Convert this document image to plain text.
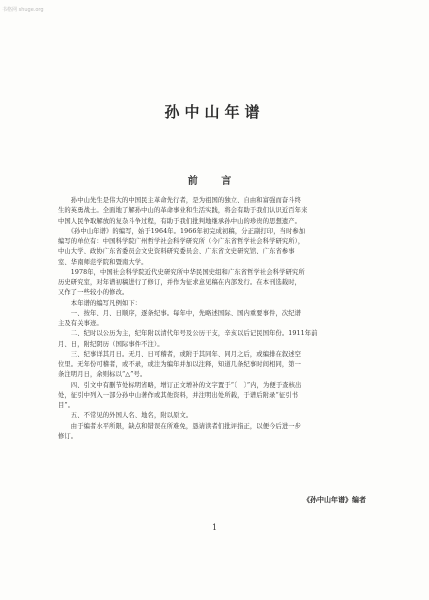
书格网 shuge.org
孙中山年谱
前 言
　　孙中山先生是伟大的中国民主革命先行者，是为祖国的独立、自由和富强而奋斗终
生的英勇战士。全面地了解孙中山的革命事业和生活实践，将会有助于我们认识近百年来
中国人民争取解放的复杂斗争过程，有助于我们批判地继承孙中山的珍贵的思想遗产。
　　《孙中山年谱》的编写，始于1964年。1966年初完成初稿，分正副打印，当时参加
编写的单位有：中国科学院广州哲学社会科学研究所（今广东省哲学社会科学研究所），
中山大学、政协广东省委员会文史资料研究委员会、广东省文史研究馆、广东省参事
室、华南师范学院和暨南大学。
　　1978年，中国社会科学院近代史研究所中华民国史组和广东省哲学社会科学研究所
历史研究室，对年谱初稿进行了修订，并作为征求意见稿在内部发行。在本刊选载时，
又作了一些较小的修改。
　　本年谱的编写凡例如下：
　　一、按年、月、日顺序，逐条纪事。每年中，先略述国际、国内重要事件，次纪谱
主及有关事迹。
　　二、纪时以公历为主，纪年附以清代年号及公历干支，辛亥以后记民国年份。1911年前
月、日，附纪阴历（国际事件不注）。
　　三、纪事详其月日。无月、日可稽者，或附于其同年、同月之后，或编排在叙述空
位里。无年份可稽者，或不录，或注为编年并加以注释，知道几条纪事时间相同，第一
条注明月日，余则标以“△”号。
　　四、引文中有删节处标明省略，增订正文增补的文字置于“〔　〕”内，为便于查核出
处，征引中列入一部分孙中山著作或其他资料，并注明出处所载，于谱后附录“征引书
目”。
　　五、不常见的外国人名、地名，附以原文。
　　由于编者水平所限，缺点和错误在所难免，恳请读者们批评指正，以便今后进一步
修订。
《孙中山年谱》编者
1
